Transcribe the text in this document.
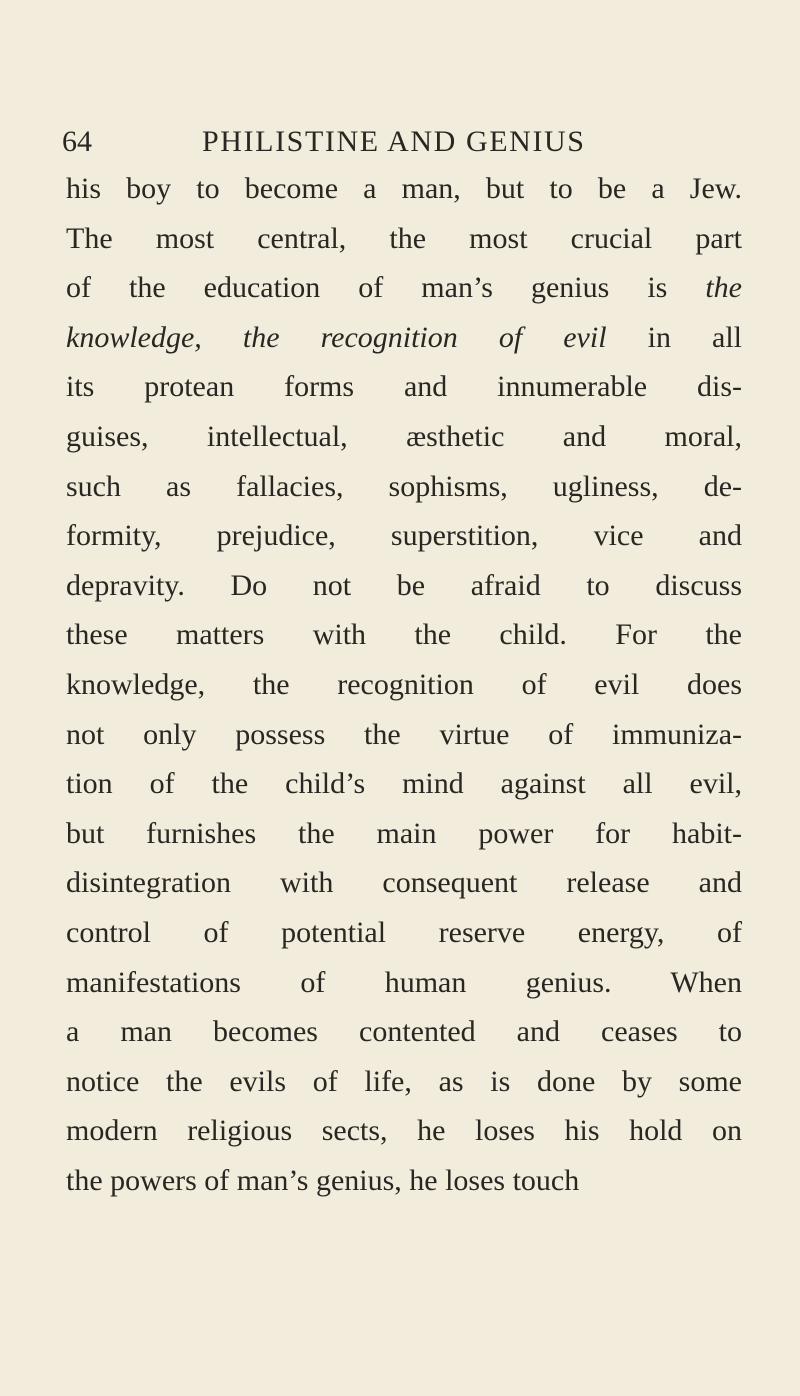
64	PHILISTINE AND GENIUS
his boy to become a man, but to be a Jew.
The most central, the most crucial part
of the education of man’s genius is the
knowledge, the recognition of evil in all
its protean forms and innumerable dis-
guises, intellectual, æsthetic and moral,
such as fallacies, sophisms, ugliness, de-
formity, prejudice, superstition, vice and
depravity. Do not be afraid to discuss
these matters with the child. For the
knowledge, the recognition of evil does
not only possess the virtue of immuniza-
tion of the child’s mind against all evil,
but furnishes the main power for habit-
disintegration with consequent release and
control of potential reserve energy, of
manifestations of human genius. When
a man becomes contented and ceases to
notice the evils of life, as is done by some
modern religious sects, he loses his hold on
the powers of man’s genius, he loses touch
